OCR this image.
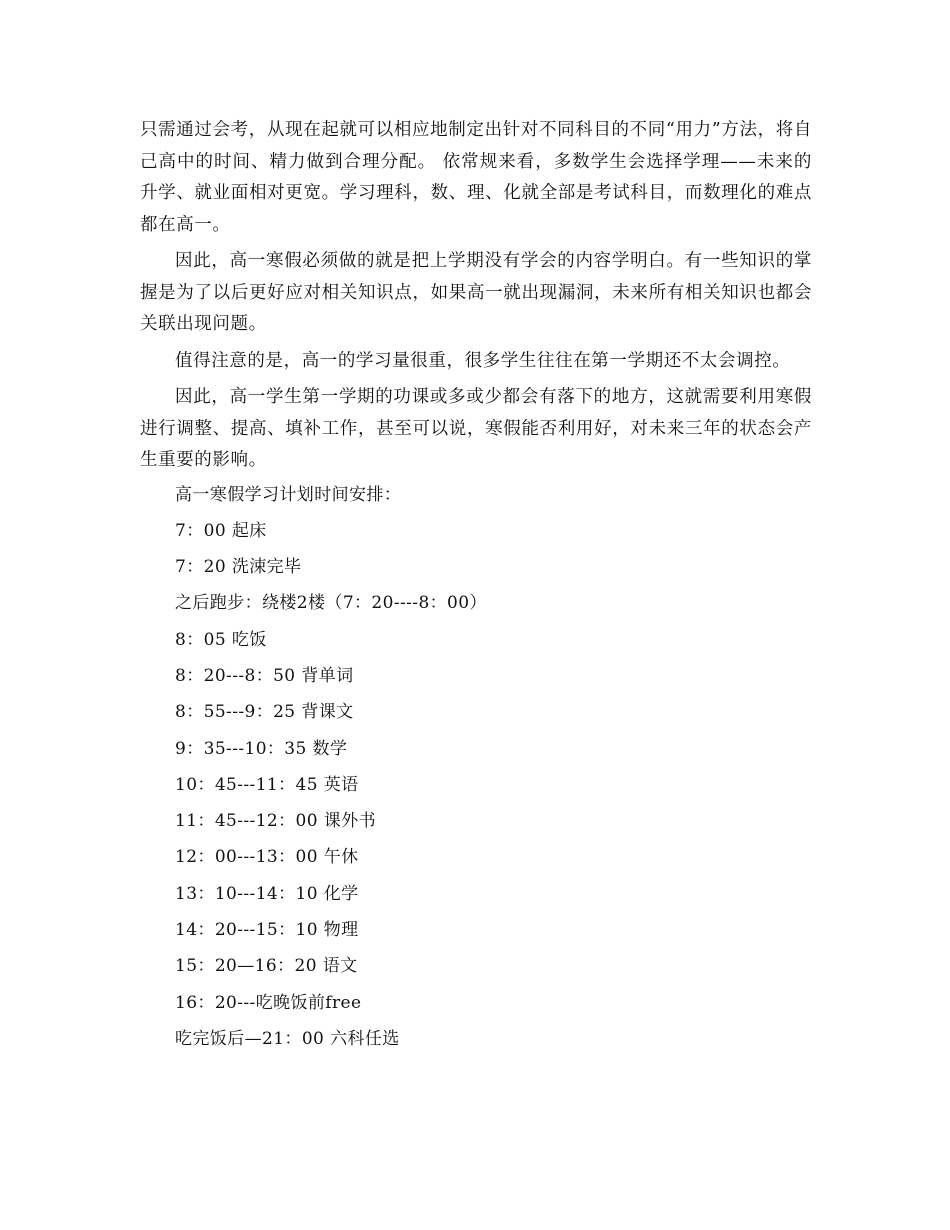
只需通过会考，从现在起就可以相应地制定出针对不同科目的不同“用力”方法，将自己高中的时间、精力做到合理分配。 依常规来看，多数学生会选择学理——未来的升学、就业面相对更宽。学习理科，数、理、化就全部是考试科目，而数理化的难点都在高一。

因此，高一寒假必须做的就是把上学期没有学会的内容学明白。有一些知识的掌握是为了以后更好应对相关知识点，如果高一就出现漏洞，未来所有相关知识也都会关联出现问题。

值得注意的是，高一的学习量很重，很多学生往往在第一学期还不太会调控。

因此，高一学生第一学期的功课或多或少都会有落下的地方，这就需要利用寒假进行调整、提高、填补工作，甚至可以说，寒假能否利用好，对未来三年的状态会产生重要的影响。

高一寒假学习计划时间安排：
7：00 起床
7：20 洗涑完毕
之后跑步：绕楼2楼（7：20----8：00）
8：05 吃饭
8：20---8：50 背单词
8：55---9：25 背课文
9：35---10：35 数学
10：45---11：45 英语
11：45---12：00 课外书
12：00---13：00 午休
13：10---14：10 化学
14：20---15：10 物理
15：20—16：20 语文
16：20---吃晚饭前free
吃完饭后—21：00 六科任选
